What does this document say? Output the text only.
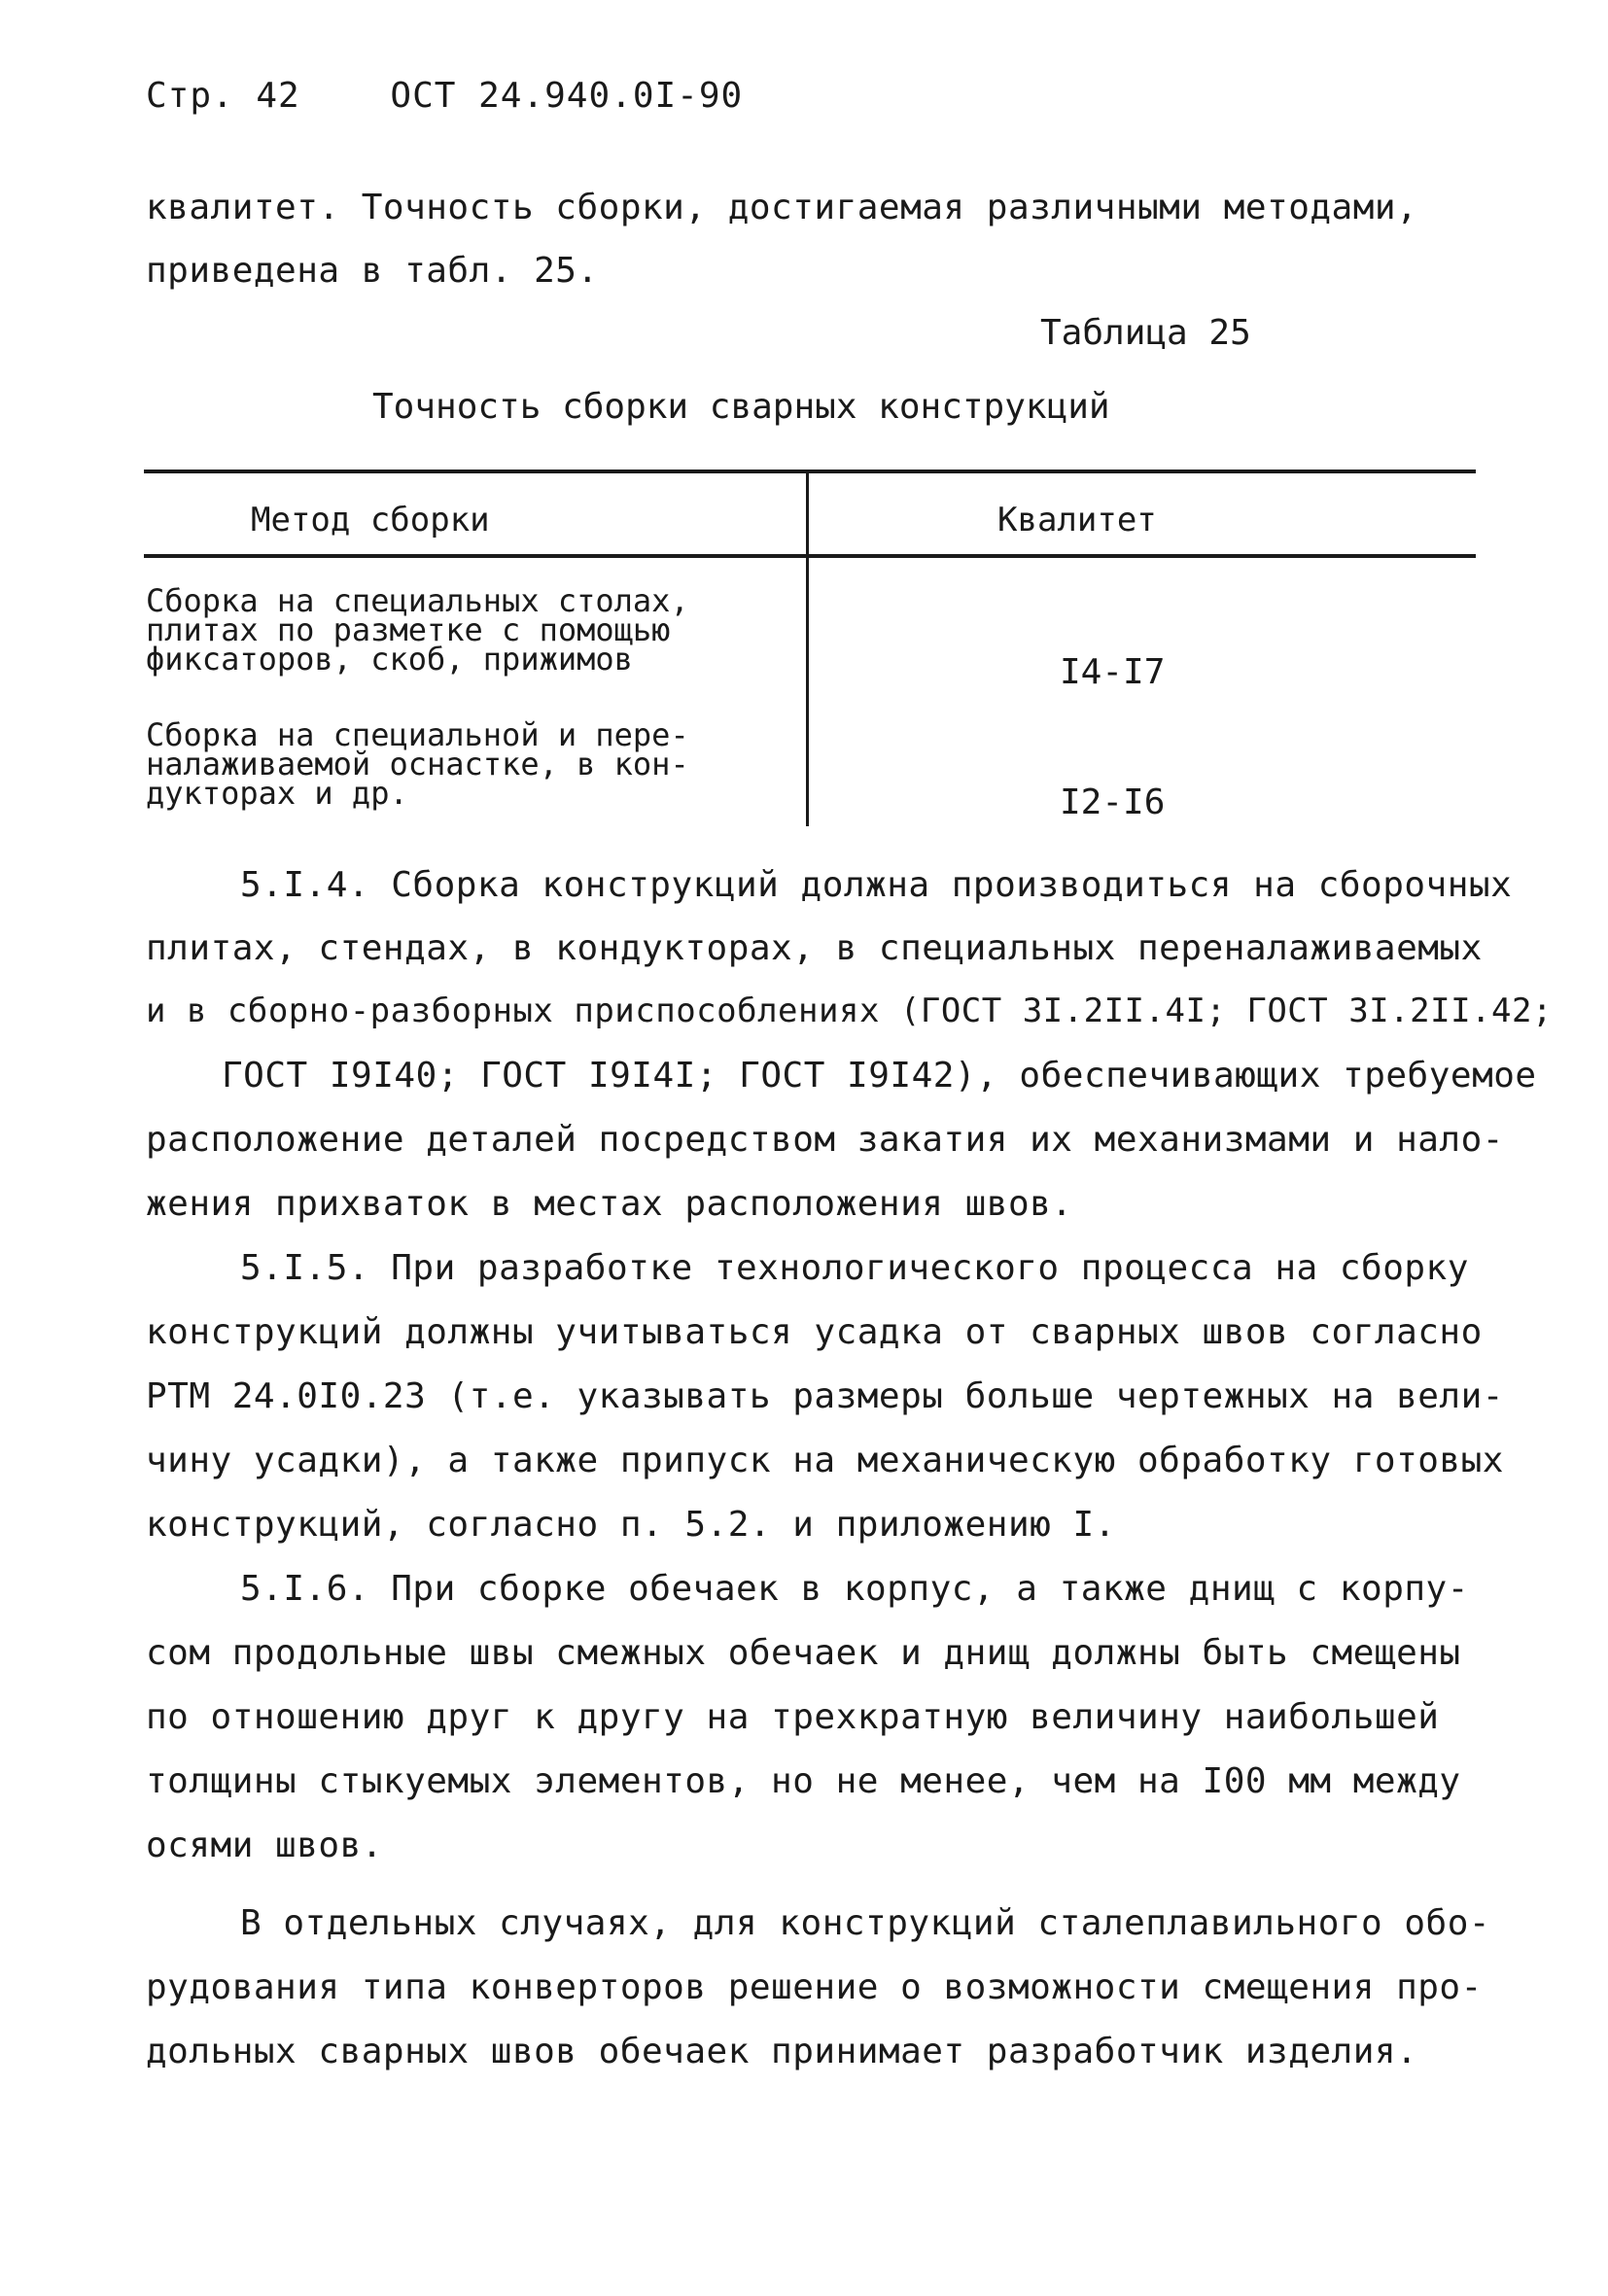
Стр. 42	ОСТ 24.940.0I-90
квалитет. Точность сборки, достигаемая различными методами,
приведена в табл. 25.
Таблица 25
Точность сборки сварных конструкций
Метод сборки	Квалитет
Сборка на специальных столах,
плитах по разметке с помощью
фиксаторов, скоб, прижимов	I4-I7
Сборка на специальной и пере-
налаживаемой оснастке, в кон-
дукторах и др.	I2-I6
5.I.4. Сборка конструкций должна производиться на сборочных
плитах, стендах, в кондукторах, в специальных переналаживаемых
и в сборно-разборных приспособлениях (ГОСТ 3I.2II.4I; ГОСТ 3I.2II.42;
ГОСТ I9I40; ГОСТ I9I4I; ГОСТ I9I42), обеспечивающих требуемое
расположение деталей посредством закатия их механизмами и нало-
жения прихваток в местах расположения швов.
5.I.5. При разработке технологического процесса на сборку
конструкций должны учитываться усадка от сварных швов согласно
РТМ 24.0I0.23 (т.е. указывать размеры больше чертежных на вели-
чину усадки), а также припуск на механическую обработку готовых
конструкций, согласно п. 5.2. и приложению I.
5.I.6. При сборке обечаек в корпус, а также днищ с корпу-
сом продольные швы смежных обечаек и днищ должны быть смещены
по отношению друг к другу на трехкратную величину наибольшей
толщины стыкуемых элементов, но не менее, чем на I00 мм между
осями швов.
В отдельных случаях, для конструкций сталеплавильного обо-
рудования типа конверторов решение о возможности смещения про-
дольных сварных швов обечаек принимает разработчик изделия.
